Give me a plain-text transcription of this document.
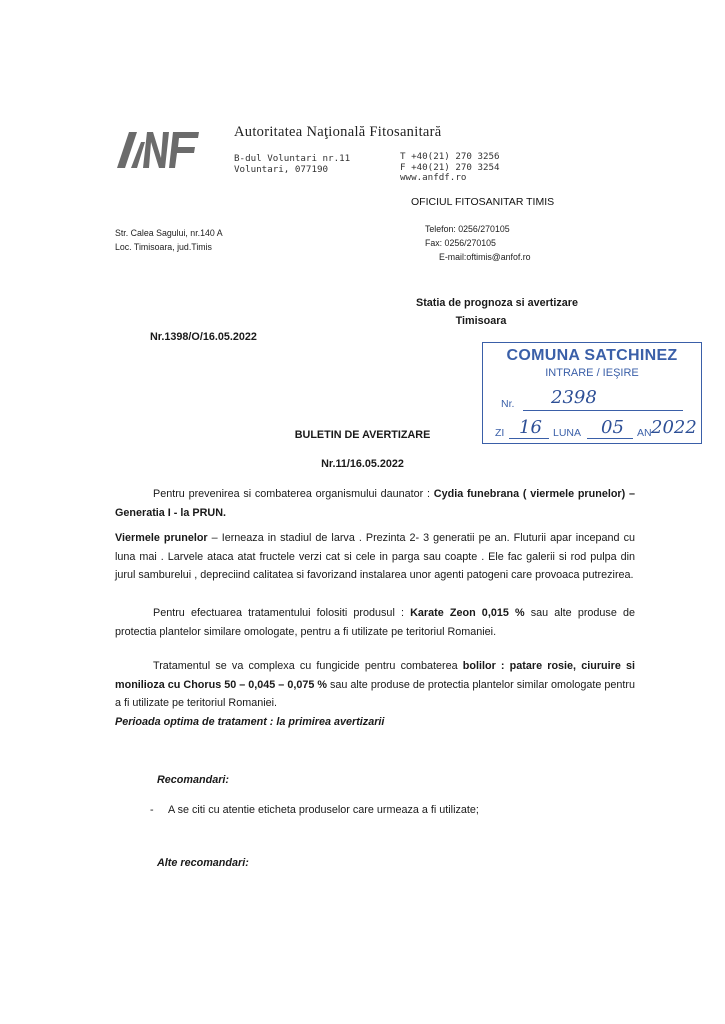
Autoritatea Naţională Fitosanitară
B-dul Voluntari nr.11
Voluntari, 077190
T +40(21) 270 3256
F +40(21) 270 3254
www.anfdf.ro
OFICIUL FITOSANITAR TIMIS
Str. Calea Sagului, nr.140 A
Loc. Timisoara, jud.Timis
Telefon: 0256/270105
Fax: 0256/270105
E-mail:oftimis@anfof.ro
Statia de prognoza si avertizare
Timisoara
Nr.1398/O/16.05.2022
COMUNA SATCHINEZ
INTRARE / IEŞIRE
Nr. 2398
ZI 16 LUNA 05 AN 2022
BULETIN DE AVERTIZARE
Nr.11/16.05.2022
Pentru prevenirea si combaterea organismului daunator : Cydia funebrana ( viermele prunelor) – Generatia I - la PRUN.
Viermele prunelor – Ierneaza in stadiul de larva . Prezinta 2- 3 generatii pe an. Fluturii apar incepand cu luna mai . Larvele ataca atat fructele verzi cat si cele in parga sau coapte . Ele fac galerii si rod pulpa din jurul samburelui , depreciind calitatea si favorizand instalarea unor agenti patogeni care provoaca putrezirea.
Pentru efectuarea tratamentului folositi produsul : Karate Zeon 0,015 % sau alte produse de protectia plantelor similare omologate, pentru a fi utilizate pe teritoriul Romaniei.
Tratamentul se va complexa cu fungicide pentru combaterea bolilor : patare rosie, ciuruire si monilioza cu Chorus 50 – 0,045 – 0,075 % sau alte produse de protectia plantelor similar omologate pentru a fi utilizate pe teritoriul Romaniei.
Perioada optima de tratament : la primirea avertizarii
Recomandari:
- A se citi cu atentie eticheta produselor care urmeaza a fi utilizate;
Alte recomandari:
